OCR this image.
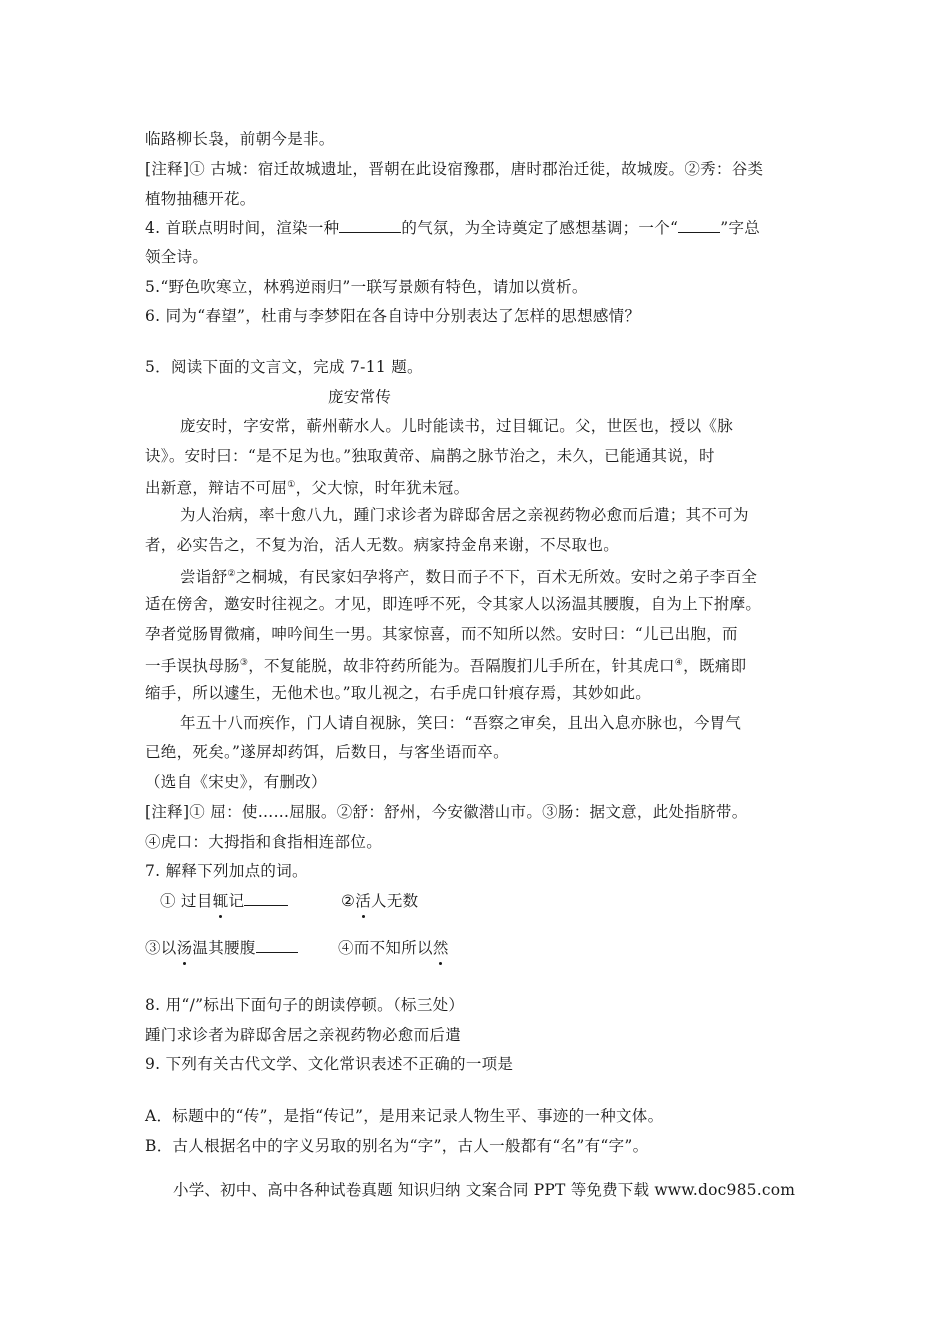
临路柳长袅，前朝今是非。
[注释]① 古城：宿迁故城遗址，晋朝在此设宿豫郡，唐时郡治迁徙，故城废。②秀：谷类
植物抽穗开花。
4. 首联点明时间，渲染一种	的气氛，为全诗奠定了感想基调；一个“	”字总
领全诗。
5.“野色吹寒立，林鸦逆雨归”一联写景颇有特色，请加以赏析。
6. 同为“春望”，杜甫与李梦阳在各自诗中分别表达了怎样的思想感情？
5．阅读下面的文言文，完成 7-11 题。
庞安常传
庞安时，字安常，蕲州蕲水人。儿时能读书，过目辄记。父，世医也，授以《脉
诀》。安时曰：“是不足为也。”独取黄帝、扁鹊之脉节治之，未久，已能通其说，时
出新意，辩诘不可屈①，父大惊，时年犹未冠。
为人治病，率十愈八九，踵门求诊者为辟邸舍居之亲视药物必愈而后遣；其不可为
者，必实告之，不复为治，活人无数。病家持金帛来谢，不尽取也。
尝诣舒②之桐城，有民家妇孕将产，数日而子不下，百术无所效。安时之弟子李百全
适在傍舍，邀安时往视之。才见，即连呼不死，令其家人以汤温其腰腹，自为上下拊摩。
孕者觉肠胃微痛，呻吟间生一男。其家惊喜，而不知所以然。安时曰：“儿已出胞，而
一手误执母肠③，不复能脱，故非符药所能为。吾隔腹扪儿手所在，针其虎口④，既痛即
缩手，所以遽生，无他术也。”取儿视之，右手虎口针痕存焉，其妙如此。
年五十八而疾作，门人请自视脉，笑曰：“吾察之审矣，且出入息亦脉也，今胃气
已绝，死矣。”遂屏却药饵，后数日，与客坐语而卒。
（选自《宋史》，有删改）
[注释]① 屈：使……屈服。②舒：舒州，今安徽潜山市。③肠：据文意，此处指脐带。
④虎口：大拇指和食指相连部位。
7. 解释下列加点的词。
① 过目辄记	②活人无数
③以汤温其腰腹	④而不知所以然
8. 用“/”标出下面句子的朗读停顿。（标三处）
踵门求诊者为辟邸舍居之亲视药物必愈而后遣
9. 下列有关古代文学、文化常识表述不正确的一项是
A．标题中的“传”，是指“传记”，是用来记录人物生平、事迹的一种文体。
B．古人根据名中的字义另取的别名为“字”，古人一般都有“名”有“字”。
小学、初中、高中各种试卷真题 知识归纳 文案合同 PPT 等免费下载 www.doc985.com
